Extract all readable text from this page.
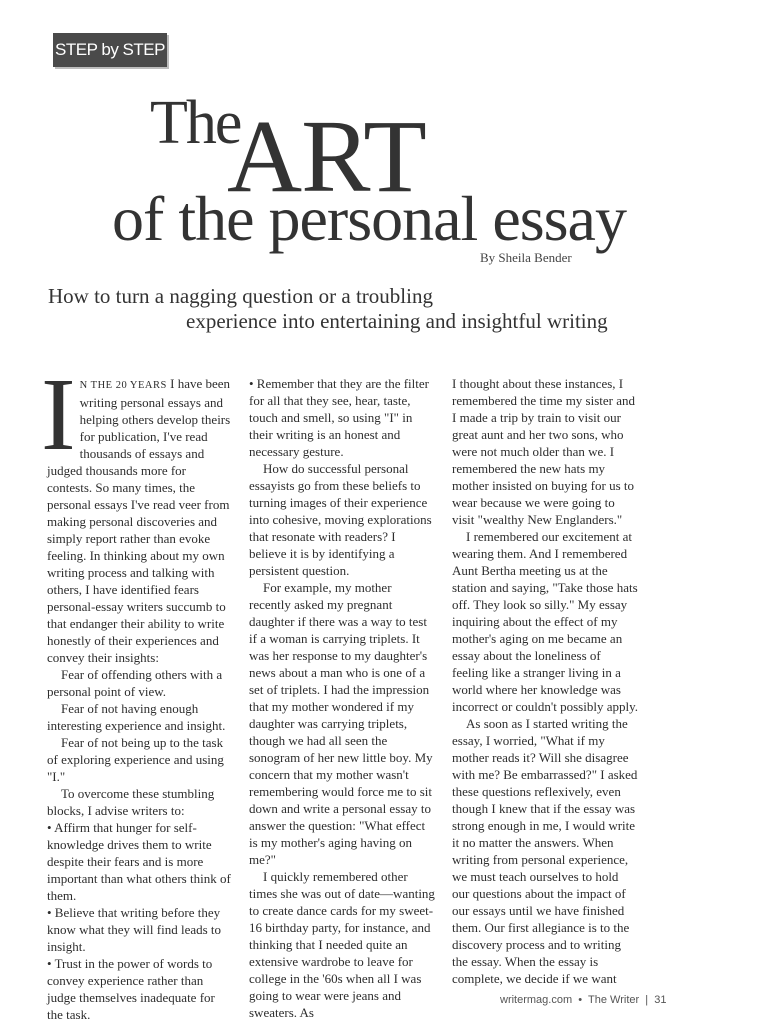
STEP by STEP
The
ART
of the personal essay
By Sheila Bender
How to turn a nagging question or a troubling
experience into entertaining and insightful writing

I N THE 20 YEARS I have been writing personal essays and helping others develop theirs for publication, I've read thousands of essays and judged thousands more for contests. So many times, the personal essays I've read veer from making personal discoveries and simply report rather than evoke feeling. In thinking about my own writing process and talking with others, I have identified fears personal-essay writers succumb to that endanger their ability to write honestly of their experiences and convey their insights:

Fear of offending others with a personal point of view.

Fear of not having enough interesting experience and insight.

Fear of not being up to the task of exploring experience and using "I."

To overcome these stumbling blocks, I advise writers to:

• Affirm that hunger for self-knowledge drives them to write despite their fears and is more important than what others think of them.

• Believe that writing before they know what they will find leads to insight.

• Trust in the power of words to convey experience rather than judge themselves inadequate for the task.

• Remember that they are the filter for all that they see, hear, taste, touch and smell, so using "I" in their writing is an honest and necessary gesture.

How do successful personal essayists go from these beliefs to turning images of their experience into cohesive, moving explorations that resonate with readers? I believe it is by identifying a persistent question.

For example, my mother recently asked my pregnant daughter if there was a way to test if a woman is carrying triplets. It was her response to my daughter's news about a man who is one of a set of triplets. I had the impression that my mother wondered if my daughter was carrying triplets, though we had all seen the sonogram of her new little boy. My concern that my mother wasn't remembering would force me to sit down and write a personal essay to answer the question: "What effect is my mother's aging having on me?"

I quickly remembered other times she was out of date—wanting to create dance cards for my sweet-16 birthday party, for instance, and thinking that I needed quite an extensive wardrobe to leave for college in the '60s when all I was going to wear were jeans and sweaters. As

I thought about these instances, I remembered the time my sister and I made a trip by train to visit our great aunt and her two sons, who were not much older than we. I remembered the new hats my mother insisted on buying for us to wear because we were going to visit "wealthy New Englanders."

I remembered our excitement at wearing them. And I remembered Aunt Bertha meeting us at the station and saying, "Take those hats off. They look so silly." My essay inquiring about the effect of my mother's aging on me became an essay about the loneliness of feeling like a stranger living in a world where her knowledge was incorrect or couldn't possibly apply.

As soon as I started writing the essay, I worried, "What if my mother reads it? Will she disagree with me? Be embarrassed?" I asked these questions reflexively, even though I knew that if the essay was strong enough in me, I would write it no matter the answers. When writing from personal experience, we must teach ourselves to hold our questions about the impact of our essays until we have finished them. Our first allegiance is to the discovery process and to writing the essay. When the essay is complete, we decide if we want

writermag.com • The Writer | 31
